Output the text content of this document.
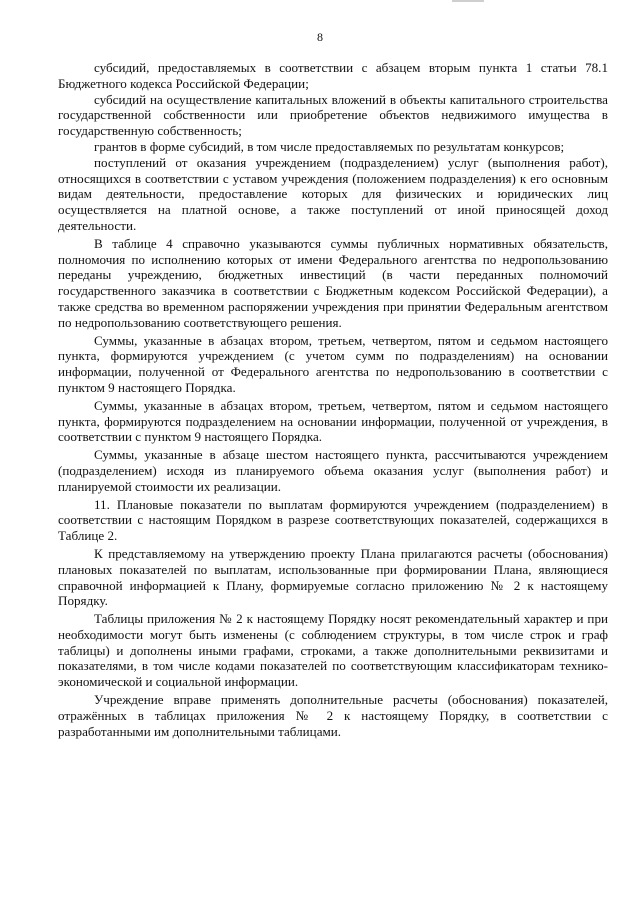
8

субсидий, предоставляемых в соответствии с абзацем вторым пункта 1 статьи 78.1 Бюджетного кодекса Российской Федерации;

субсидий на осуществление капитальных вложений в объекты капитального строительства государственной собственности или приобретение объектов недвижимого имущества в государственную собственность;

грантов в форме субсидий, в том числе предоставляемых по результатам конкурсов;

поступлений от оказания учреждением (подразделением) услуг (выполнения работ), относящихся в соответствии с уставом учреждения (положением подразделения) к его основным видам деятельности, предоставление которых для физических и юридических лиц осуществляется на платной основе, а также поступлений от иной приносящей доход деятельности.

В таблице 4 справочно указываются суммы публичных нормативных обязательств, полномочия по исполнению которых от имени Федерального агентства по недропользованию переданы учреждению, бюджетных инвестиций (в части переданных полномочий государственного заказчика в соответствии с Бюджетным кодексом Российской Федерации), а также средства во временном распоряжении учреждения при принятии Федеральным агентством по недропользованию соответствующего решения.

Суммы, указанные в абзацах втором, третьем, четвертом, пятом и седьмом настоящего пункта, формируются учреждением (с учетом сумм по подразделениям) на основании информации, полученной от Федерального агентства по недропользованию в соответствии с пунктом 9 настоящего Порядка.

Суммы, указанные в абзацах втором, третьем, четвертом, пятом и седьмом настоящего пункта, формируются подразделением на основании информации, полученной от учреждения, в соответствии с пунктом 9 настоящего Порядка.

Суммы, указанные в абзаце шестом настоящего пункта, рассчитываются учреждением (подразделением) исходя из планируемого объема оказания услуг (выполнения работ) и планируемой стоимости их реализации.

11. Плановые показатели по выплатам формируются учреждением (подразделением) в соответствии с настоящим Порядком в разрезе соответствующих показателей, содержащихся в Таблице 2.

К представляемому на утверждению проекту Плана прилагаются расчеты (обоснования) плановых показателей по выплатам, использованные при формировании Плана, являющиеся справочной информацией к Плану, формируемые согласно приложению № 2 к настоящему Порядку.

Таблицы приложения № 2 к настоящему Порядку носят рекомендательный характер и при необходимости могут быть изменены (с соблюдением структуры, в том числе строк и граф таблицы) и дополнены иными графами, строками, а также дополнительными реквизитами и показателями, в том числе кодами показателей по соответствующим классификаторам технико-экономической и социальной информации.

Учреждение вправе применять дополнительные расчеты (обоснования) показателей, отражённых в таблицах приложения № 2 к настоящему Порядку, в соответствии с разработанными им дополнительными таблицами.
